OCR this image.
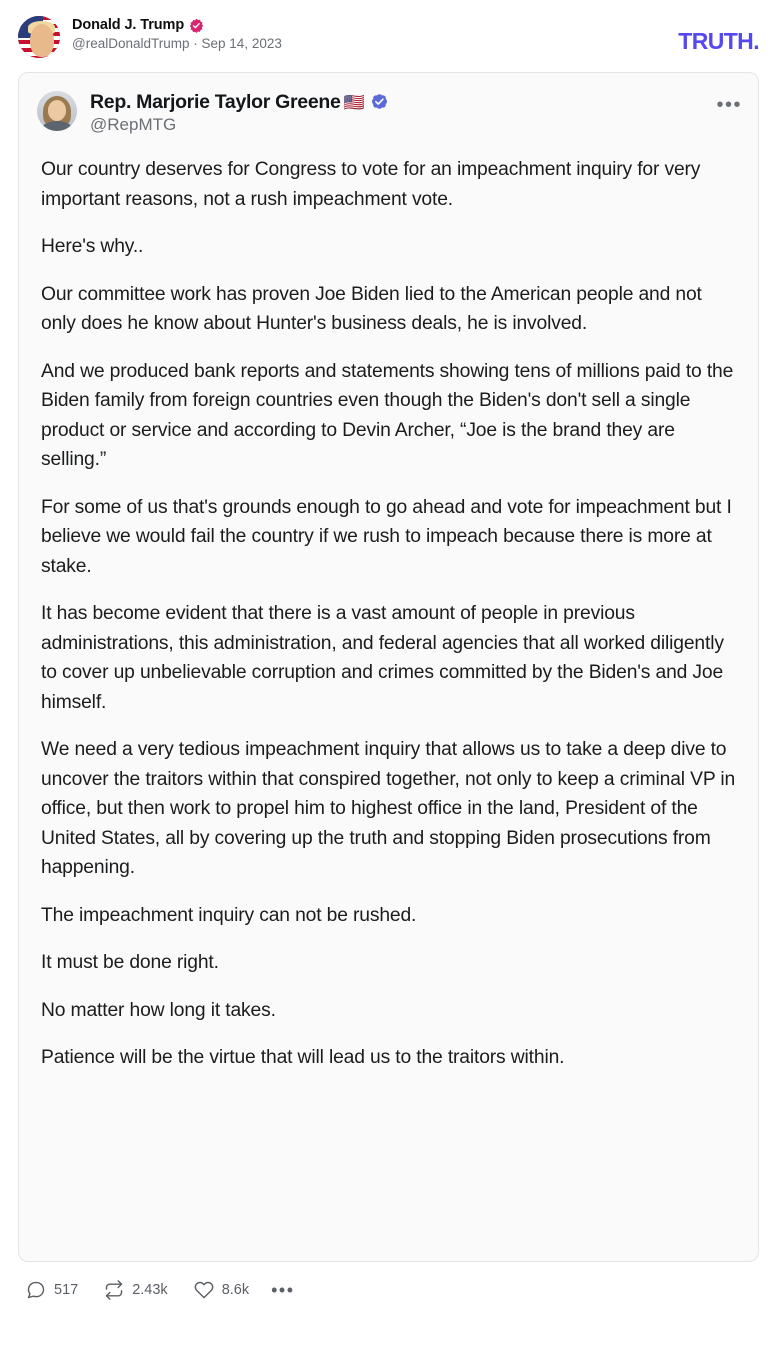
Donald J. Trump
@realDonaldTrump · Sep 14, 2023	TRUTH.
Rep. Marjorie Taylor Greene 🇺🇸
@RepMTG
•••

Our country deserves for Congress to vote for an impeachment inquiry for very important reasons, not a rush impeachment vote.

Here's why..

Our committee work has proven Joe Biden lied to the American people and not only does he know about Hunter's business deals, he is involved.

And we produced bank reports and statements showing tens of millions paid to the Biden family from foreign countries even though the Biden's don't sell a single product or service and according to Devin Archer, “Joe is the brand they are selling.”

For some of us that's grounds enough to go ahead and vote for impeachment but I believe we would fail the country if we rush to impeach because there is more at stake.

It has become evident that there is a vast amount of people in previous administrations, this administration, and federal agencies that all worked diligently to cover up unbelievable corruption and crimes committed by the Biden's and Joe himself.

We need a very tedious impeachment inquiry that allows us to take a deep dive to uncover the traitors within that conspired together, not only to keep a criminal VP in office, but then work to propel him to highest office in the land, President of the United States, all by covering up the truth and stopping Biden prosecutions from happening.

The impeachment inquiry can not be rushed.

It must be done right.

No matter how long it takes.

Patience will be the virtue that will lead us to the traitors within.

517	2.43k	8.6k •••
